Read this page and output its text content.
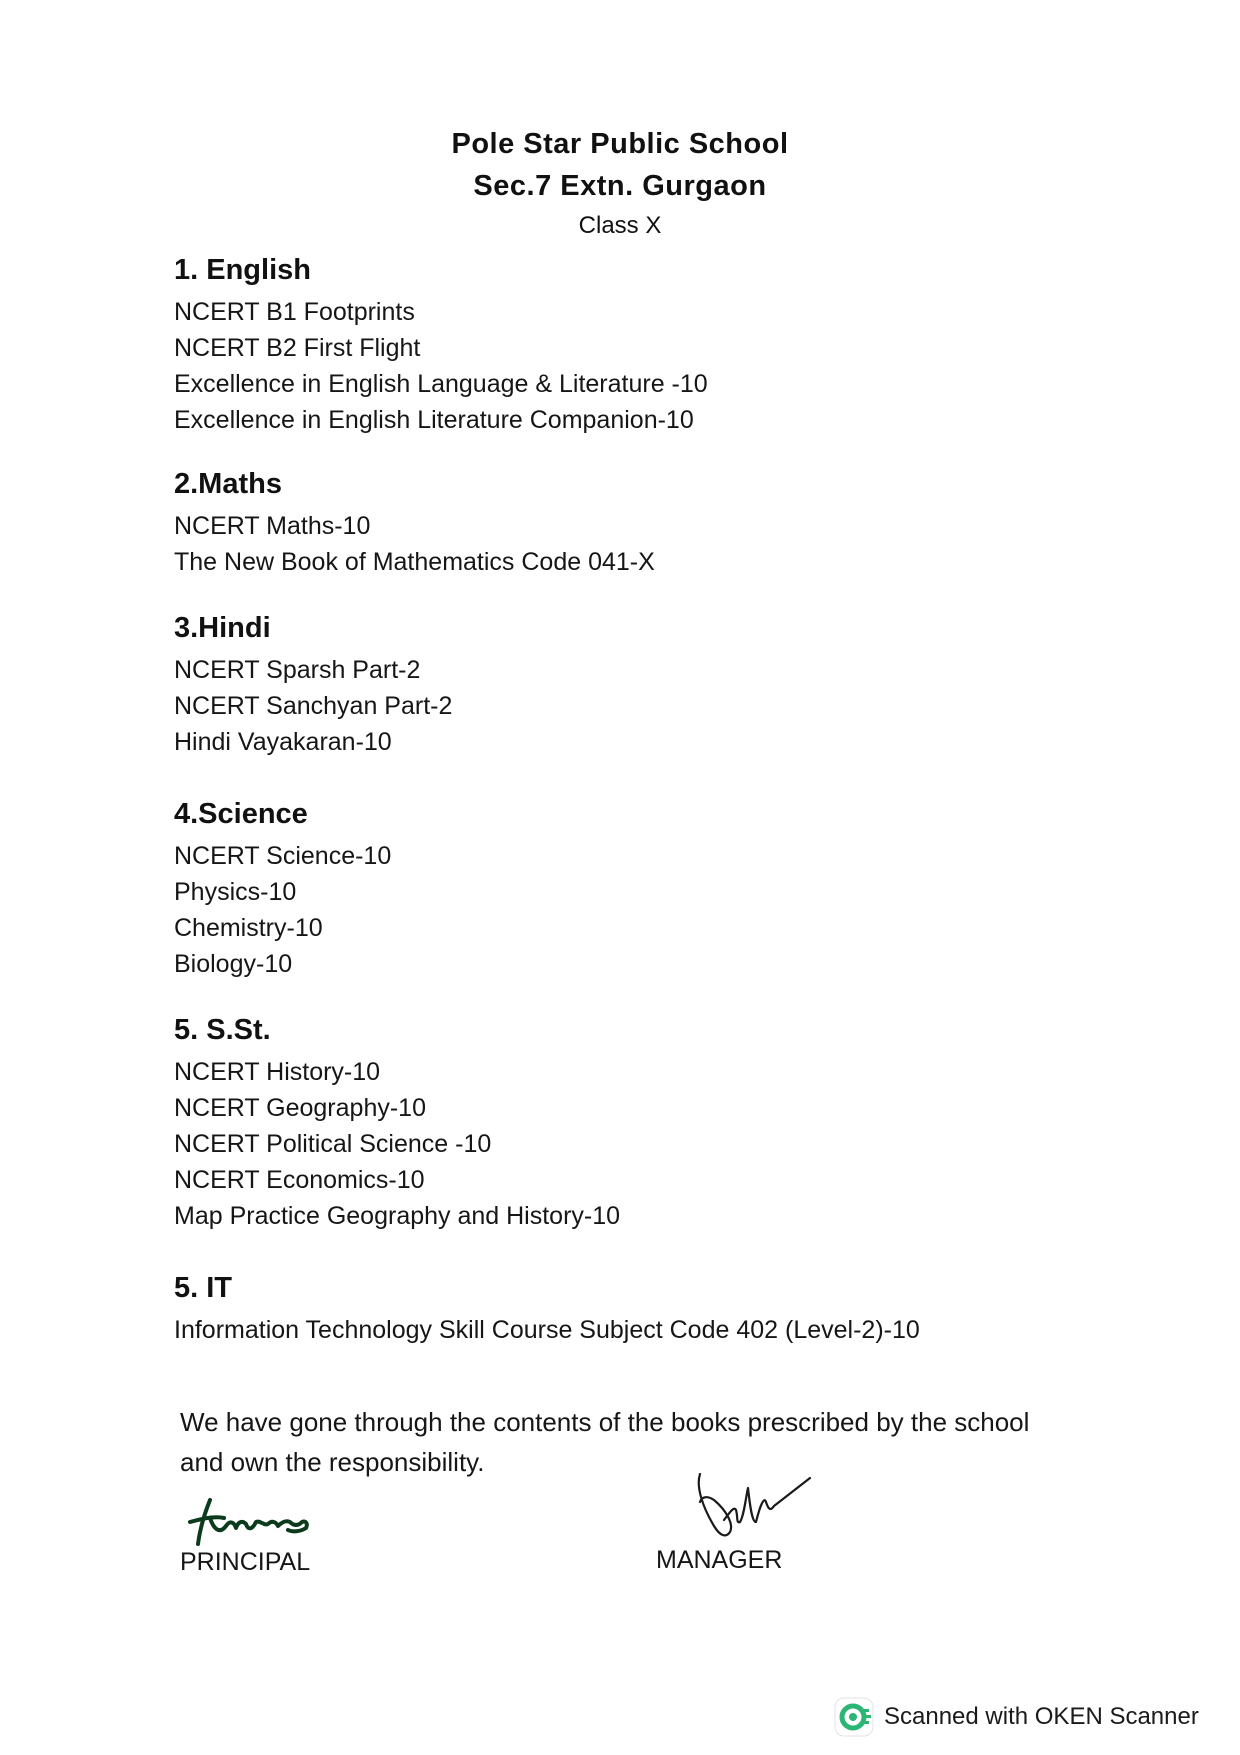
Pole Star Public School
Sec.7 Extn. Gurgaon
Class X
1. English
NCERT B1 Footprints
NCERT B2 First Flight
Excellence in English Language & Literature -10
Excellence in English Literature Companion-10
2.Maths
NCERT Maths-10
The New Book of Mathematics Code 041-X
3.Hindi
NCERT Sparsh Part-2
NCERT Sanchyan Part-2
Hindi Vayakaran-10
4.Science
NCERT Science-10
Physics-10
Chemistry-10
Biology-10
5. S.St.
NCERT History-10
NCERT Geography-10
NCERT Political Science -10
NCERT Economics-10
Map Practice Geography and History-10
5. IT
Information Technology Skill Course Subject Code 402 (Level-2)-10
We have gone through the contents of the books prescribed by the school
and own the responsibility.
PRINCIPAL	MANAGER
Scanned with OKEN Scanner
